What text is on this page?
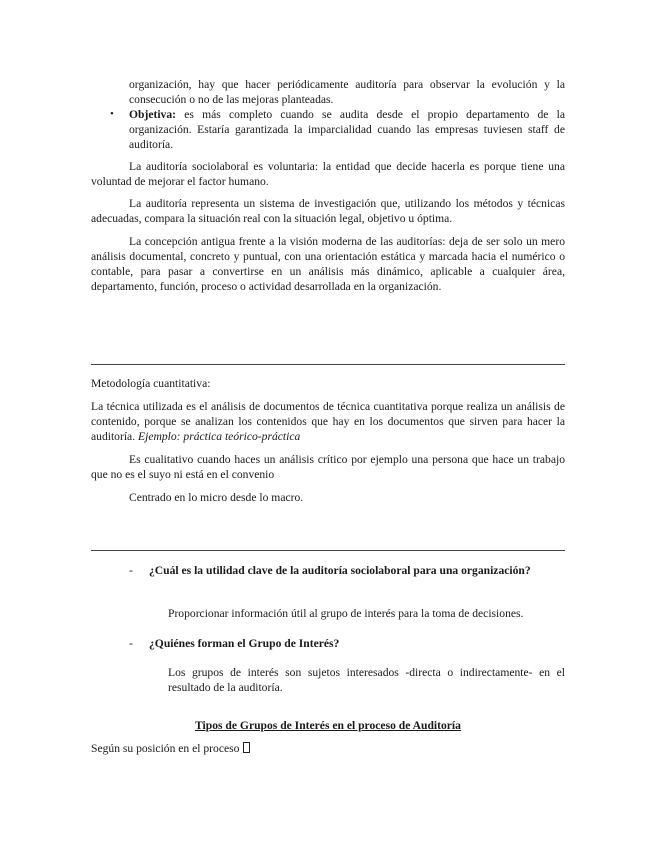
organización, hay que hacer periódicamente auditoría para observar la evolución y la consecución o no de las mejoras planteadas.

•	Objetiva: es más completo cuando se audita desde el propio departamento de la organización. Estaría garantizada la imparcialidad cuando las empresas tuviesen staff de auditoría.

La auditoría sociolaboral es voluntaria: la entidad que decide hacerla es porque tiene una voluntad de mejorar el factor humano.

La auditoría representa un sistema de investigación que, utilizando los métodos y técnicas adecuadas, compara la situación real con la situación legal, objetivo u óptima.

La concepción antigua frente a la visión moderna de las auditorías: deja de ser solo un mero análisis documental, concreto y puntual, con una orientación estática y marcada hacia el numérico o contable, para pasar a convertirse en un análisis más dinámico, aplicable a cualquier área, departamento, función, proceso o actividad desarrollada en la organización.

Metodología cuantitativa:

La técnica utilizada es el análisis de documentos de técnica cuantitativa porque realiza un análisis de contenido, porque se analizan los contenidos que hay en los documentos que sirven para hacer la auditoría. Ejemplo: práctica teórico-práctica

Es cualitativo cuando haces un análisis crítico por ejemplo una persona que hace un trabajo que no es el suyo ni está en el convenio

Centrado en lo micro desde lo macro.

- ¿Cuál es la utilidad clave de la auditoría sociolaboral para una organización?

Proporcionar información útil al grupo de interés para la toma de decisiones.

- ¿Quiénes forman el Grupo de Interés?

Los grupos de interés son sujetos interesados -directa o indirectamente- en el resultado de la auditoría.

Tipos de Grupos de Interés en el proceso de Auditoría

Según su posición en el proceso
